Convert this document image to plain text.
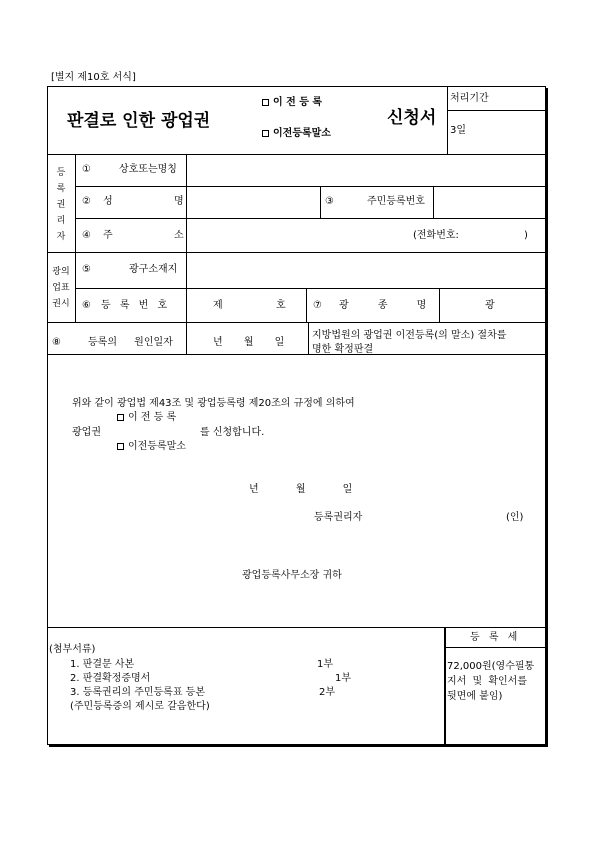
[별지 제10호 서식]
판결로 인한 광업권
이 전 등 록
이전등록말소
신청서
처리기간
3일
등
록
권
리
자
①	상호또는명칭
② 성	명	③	주민등록번호
④ 주	소	(전화번호:	)
광의
업표
권시
⑤	광구소재지
⑥ 등 록 번 호	제	호	⑦ 광 종 명	광
⑧	등록의 원인일자	년 월 일
지방법원의 광업권 이전등록(의 말소) 절차를
명한 확정판결
위와 같이 광업법 제43조 및 광업등록령 제20조의 규정에 의하여
이 전 등 록
광업권	를 신청합니다.
이전등록말소
년 월 일
등록권리자	(인)
광업등록사무소장 귀하
(첨부서류)
1. 판결문 사본	1부
2. 판결확정증명서	1부
3. 등록권리의 주민등록표 등본	2부
(주민등록증의 제시로 갈음한다)
등 록 세
72,000원(영수필통
지서 및 확인서를
뒷면에 붙임)
